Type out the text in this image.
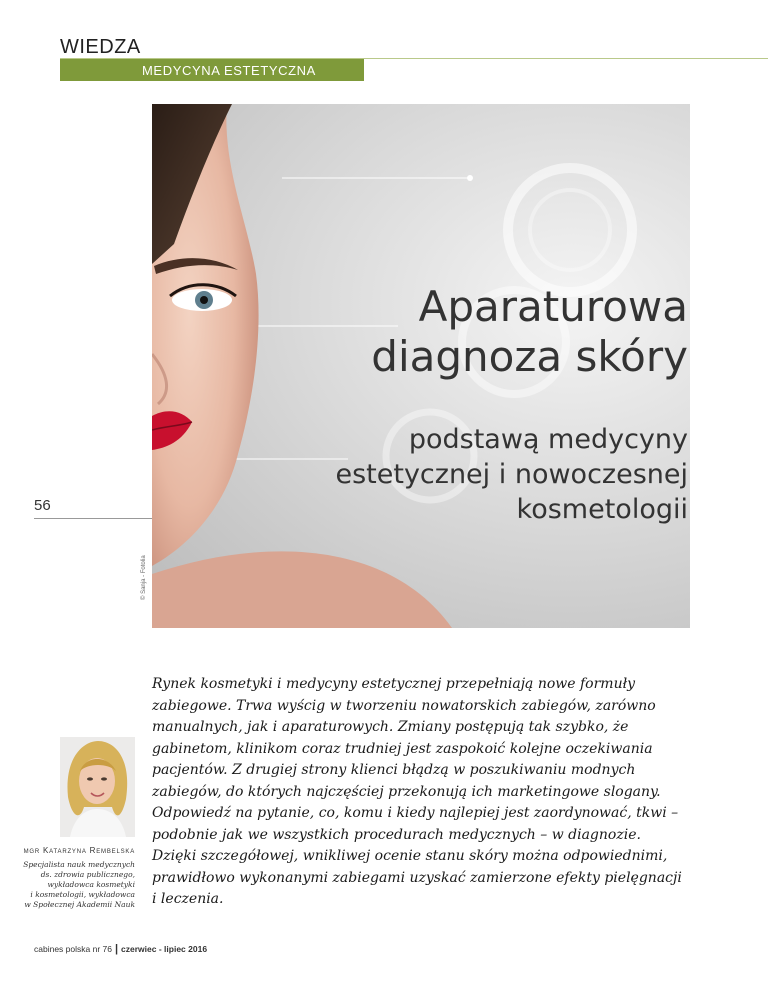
WIEDZA
MEDYCYNA ESTETYCZNA
Aparaturowa
diagnoza skóry
podstawą medycyny
estetycznej i nowoczesnej
kosmetologii
56
© Sanja - Fotolia

Rynek kosmetyki i medycyny estetycznej przepełniają nowe formuły zabiegowe. Trwa wyścig w tworzeniu nowatorskich zabiegów, zarówno manualnych, jak i aparaturowych. Zmiany postępują tak szybko, że gabinetom, klinikom coraz trudniej jest zaspokoić kolejne oczekiwania pacjentów. Z drugiej strony klienci błądzą w poszukiwaniu modnych zabiegów, do których najczęściej przekonują ich marketingowe slogany. Odpowiedź na pytanie, co, komu i kiedy najlepiej jest zaordynować, tkwi – podobnie jak we wszystkich procedurach medycznych – w diagnozie. Dzięki szczegółowej, wnikliwej ocenie stanu skóry można odpowiednimi, prawidłowo wykonanymi zabiegami uzyskać zamierzone efekty pielęgnacji i leczenia.

mgr Katarzyna Rembelska
Specjalista nauk medycznych
ds. zdrowia publicznego,
wykładowca kosmetyki
i kosmetologii, wykładowca
w Społecznej Akademii Nauk
cabines polska nr 76 | czerwiec - lipiec 2016
